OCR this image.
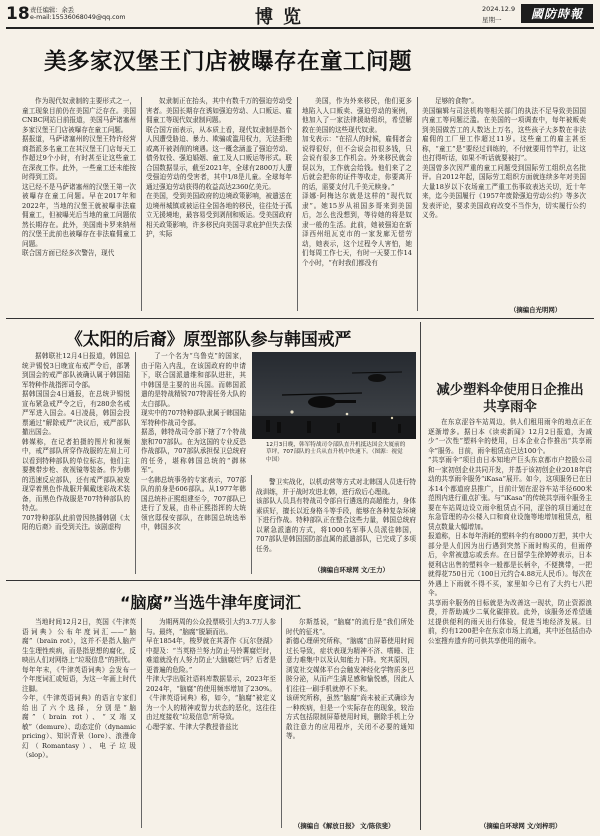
18 责任编辑：余丢
e-mail:15536068049@qq.com	博览	2024.12.9
星期一 國防時報
美多家汉堡王门店被曝存在童工问题
作为现代奴隶制的主要形式之一，童工现象目前仍在美国广泛存在。美国CNBC网站日前报道，美国马萨诸塞州多家汉堡王门店被曝存在童工问题。
据报道，马萨诸塞州的汉堡王特许经营商指派多名童工在其汉堡王门店每天工作超过9个小时，有时甚至让这些童工在深夜工作。此外，一些童工还未能按时得到工资。
这已经不是马萨诸塞州的汉堡王第一次被曝存在童工问题。早在2017年和2022年，当地的汉堡王就被曝非法雇佣童工，但被曝光后当地的童工问题依然长期存在。此外，美国南卡罗来纳州的汉堡王此前也被曝存在非法雇佣童工问题。
联合国方面已经多次警告，现代
奴隶制正在抬头，其中有数千万的强迫劳动受害者。美国长期存在诱如强迫劳动、人口贩运、雇佣童工等现代奴隶制问题。
联合国方面表示，从本质上看，现代奴隶制是指个人因遭受胁迫、暴力、欺骗或滥用权力，无法拒绝或离开被剥削的境遇。这一概念涵盖了强迫劳动、债务奴役、强迫婚姻、童工及人口贩运等形式。联合国数据显示，截至2021年，全球有2800万人遭受强迫劳动的受害者，其中1/8是儿童。全球每年通过强迫劳动获得的收益高达2360亿美元。
在美国，受到美国政府的边境政策影响，被遣送在边境州城镇或被运往全国各地的移民，往往处于孤立无援境地，最容易受到剥削和贩运。受美国政府相关政策影响，许多移民向美国寻求庇护但失去保护，实际
美国，作为外来移民，他们更多地陷入人口贩卖、强迫劳动的案例，他加入了一家法律援助组织，希望解救在美国的这些现代奴隶。
加戈表示：“在招人的时候，雇佣者会说得很好，但不会说会扣很多钱，只会说有很多工作机会。外来移民就会误以为，工作就会给钱。他们来了之后就会把你的证件等收走，你要离开的话，需要支付几千美元赎身。”
泽娜·阿梅达尔就是这样的“现代奴隶”。她15岁从祖国多哥来到美国后，怎么也没想到，等待她的将是奴隶一般的生活。此前，她被强迫在新泽西州纽瓦克市的一家发廊无偿劳动，她表示，这个过程令人害怕，她们每周工作七天，有时一天要工作14个小时，“有时我们都没有
足够的食物”。
美国编辑与司法机构等相关部门的执法不足导致美国国内童工等问题泛滥。在美国的一项调查中，每年被贩卖到美国做苦工的人数达上万名，这些孩子大多数在非法雇佣的工厂里工作超过11岁。这些童工的雇主甚至称，“童工”是“要经过训练的，不付就要用竹竿打，让这也打得听话，如果不听话就要被打”。
美国曾多次因严重的童工问题受到国际劳工组织点名批评。自2012年起，国际劳工组织方面就连续多年对美国大量18岁以下农场童工严重工伤事故表达关切，近十年来，迄今美国履行《1957年废除强迫劳动公约》等多次发表评论，要求美国政府改变不当作为，切实履行公约义务。
（摘编自光明网）
《太阳的后裔》原型部队参与韩国戒严
据韩联社12月4日报道，韩国总统尹锡悦3日晚宣布戒严令后，部署到国会的戒严部队被确认属于韩国陆军特种作战指挥司令部。
据韩国国会4日通报，在总统尹锡悦宣布紧急戒严令之后，有280余名戒严军进入国会。4日凌晨，韩国会投票通过“解除戒严”决议后，戒严部队撤出国会。
韩媒称，在记者拍摄的图片和视频中，戒严部队所穿作战服的左肩上可以看到特种部队的单位标志，他们主要携带步枪、夜视镜等装备。作为韩的迅速反应部队，还有戒严部队被发现穿着黑色作战服并佩戴迷彩战术装备，而黑色作战服是707特种部队的特点。
707特种部队此前曾因热播韩剧《太阳的后裔》而受到关注。该剧虚构
了一个名为“乌鲁克”的国家，由于陷入内乱，在该国政府的申请下，联合国派遣维和部队进驻，其中韩国是主要的出兵国。而韩国派遣的是特战精锐707特需任务大队的太白部队。
现实中的707特种部队隶属于韩国陆军特种作战司令部。
据悉，韩特战司令部下辖了7个特战旅和707部队。在为这国的专业反恐作战部队，707部队承担保卫总统府的任务，堪称韩国总统的“御林军”。
一名韩总统事务的专家表示，707部队的前身是606部队。从1977年韩国总统朴正熙组建至今，707部队已进行了发展，由朴正熙指挥的大统领官邸保安部队，在韩国总统选举中，韩国多次
12月3日晚，韩军特战司令部队直升机抵达国会大厦前的草坪，707部队的士兵从直升机中快速下。（图源：视觉中国）
警卫实战化，以机动营等方式对北韩国人员进行特战训练，并于战时攻进北韩，进行敌后心理战。
该部队人员具有特战司令部自行遴选的高超能力，身体素质好，擅长以近身格斗等手段，能够在各种复杂环境下进行作战。特种部队正在整合这些力量，韩国总统府以紧急派遣的方式，将1000名军事人员派往韩国，707部队是韩国国防部直属的派遣部队，已完成了多项任务。
（摘编自环球网 文/王力）
“脑腐”当选牛津年度词汇
当地时间12月2日，英国《牛津英语词典》公布年度词汇——“脑腐”（brain rot），这并不是指人脑产生生理性疾病，而是指思想的腐化，反映出人们对网络上“垃圾信息”的担忧。
每年年末，《牛津英语词典》会发布一个年度词汇或短语，为这一年画上时代注脚。
今年，《牛津英语词典》的语言专家们给出了六个选择，分别是“脑腐”（brain rot）、“又端又敏”（demure）、动态定价（dynamic pricing）、知识背景（lore）、浪漫命幻（Romantasy）、电子垃圾（slop）。
为期两周的公众投票吸引大约3.7万人参与。最终，“脑腐”脱颖而出。
早在1854年，梭罗就在其著作《瓦尔登湖》中提及：“当英格兰努力防止马铃薯腐烂时，难道就没有人努力防止‘大脑腐烂’吗？后者是更普遍的危险。”
牛津大学出版社语料库数据显示，2023年至2024年，“脑腐”的使用频率增加了230%。《牛津英语词典》称，如今，“脑腐”被定义为一个人的精神或智力状态的恶化，这往往由过度接收“垃圾信息”所导致。
心理学家、牛津大学教授普兹比
尔斯基说，“脑腐”的流行是“我们所处时代的征兆”。
新德心理研究所称，“脑腐”由屏幕使用时间过长导致，症状表现为精神不济、嗜睡、注意力难集中以及认知能力下降。究其原因，浏览社交媒体平台会触发神经化学物质多巴胺分泌，从而产生满足感和愉悦感，因此人们往往一刷手机就停不下来。
该研究所称，虽然“脑腐”尚未被正式确诊为一种疾病，但是一个实际存在的现象，较治方式包括限制屏幕使用时间，删除手机上分散注意力的应用程序，关闭不必要的通知等。
（摘编自《解放日报》 文/陈依斐）
减少塑料伞使用日企推出共享雨伞
在东京涩谷车站周边，供人们租用雨伞的地点正在逐渐增多。据日本《读卖新闻》12月2日报道，为减少“一次性”塑料伞的使用，日本企业合作推出“共享雨伞”服务。目前，雨伞租赁点已达100个。
“共享雨伞”项目由日本知地产巨头东京都市户控股公司和一家初创企业共同开发，并基于该初创企业2018年启动的共享雨伞服务“iKasa”展开。如今，这项服务已在日本14个都道府县推广，目前计划在涩谷车站半径600米范围内进行重点扩张。与“iKasa”的传统共享雨伞服务主要在车站周边设立雨伞租赁点不同，涩谷的项目通过在东急管理的办公楼入口和商业设施等地增加租赁点，租赁点数量大幅增加。
报道称，日本每年消耗的塑料伞约有8000万把，其中大部分是人们因为出行遇到突然下雨时购买的，但雨停后，伞常被遗忘或丢弃。在日留学生徐婷婷表示，日本便利店出售的塑料伞一般都是长柄伞，不便携带，一把就得花750日元（100日元约合4.88元人民币）。每次在外遇上下雨就不得不买，家里如今已有了大约七八把伞。
共享雨伞服务的目标就是为改善这一现状，防止资源浪费，并帮助减少二氧化碳排放。此外，该服务还希望通过提供便利的雨天出行体验，促进当地经济发展。目前，约有1200把伞在东京市场上流通，其中还包括由办公室搜弃遗弃的可供共享使用的雨伞。
（摘编自环球网 文/刘梓玥）
